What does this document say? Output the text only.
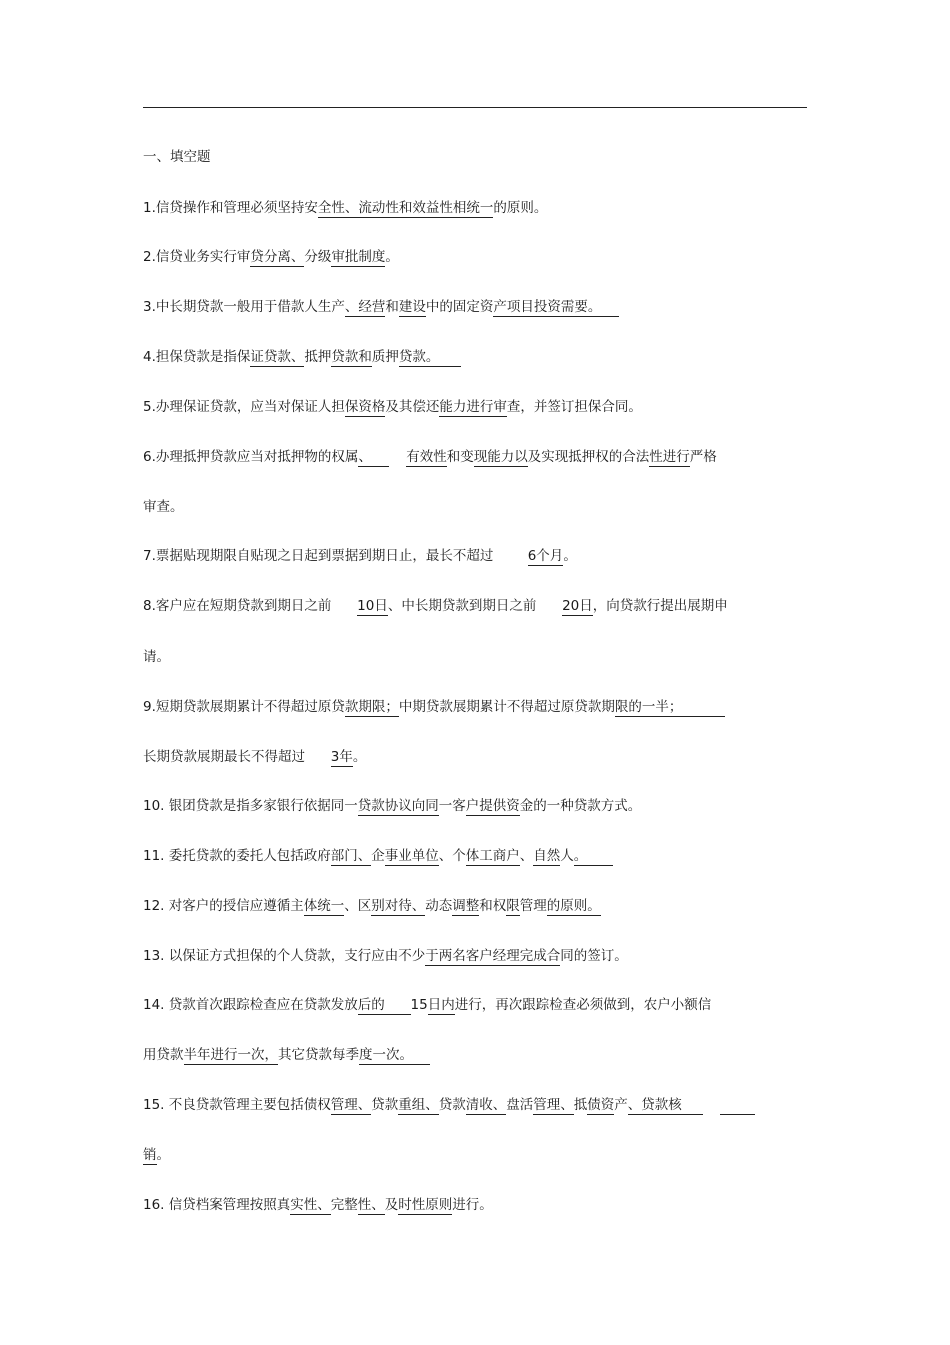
一、填空题
1.信贷操作和管理必须坚持安全性、流动性和效益性相统一的原则。
2.信贷业务实行审贷分离、分级审批制度。
3.中长期贷款一般用于借款人生产、经营和建设中的固定资产项目投资需要。
4.担保贷款是指保证贷款、抵押贷款和质押贷款。
5.办理保证贷款，应当对保证人担保资格及其偿还能力进行审查，并签订担保合同。
6.办理抵押贷款应当对抵押物的权属、        有效性和变现能力以及实现抵押权的合法性进行严格
审查。
7.票据贴现期限自贴现之日起到票据到期日止，最长不超过        6个月。
8.客户应在短期贷款到期日之前      10日、中长期贷款到期日之前      20日，向贷款行提出展期申
请。
9.短期贷款展期累计不得超过原贷款期限；中期贷款展期累计不得超过原贷款期限的一半；
长期贷款展期最长不得超过      3年。
10. 银团贷款是指多家银行依据同一贷款协议向同一客户提供资金的一种贷款方式。
11. 委托贷款的委托人包括政府部门、企事业单位、个体工商户、自然人。
12. 对客户的授信应遵循主体统一、区别对待、动态调整和权限管理的原则。
13. 以保证方式担保的个人贷款，支行应由不少于两名客户经理完成合同的签订。
14. 贷款首次跟踪检查应在贷款发放后的      15日内进行，再次跟踪检查必须做到，农户小额信
用贷款半年进行一次，其它贷款每季度一次。
15. 不良贷款管理主要包括债权管理、贷款重组、贷款清收、盘活管理、抵债资产、贷款核
销。
16. 信贷档案管理按照真实性、完整性、及时性原则进行。
